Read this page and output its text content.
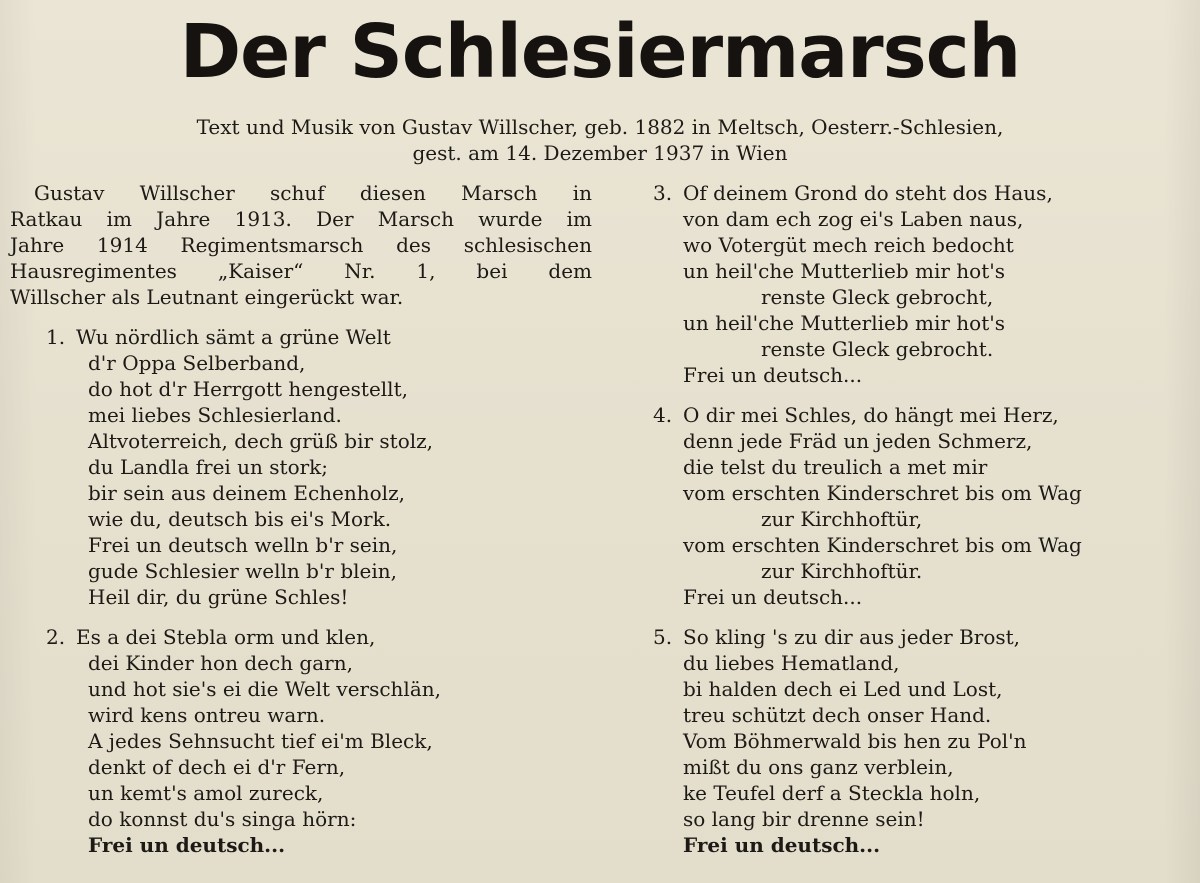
Der Schlesiermarsch
Text und Musik von Gustav Willscher, geb. 1882 in Meltsch, Oesterr.-Schlesien,
gest. am 14. Dezember 1937 in Wien
Gustav Willscher schuf diesen Marsch in
Ratkau im Jahre 1913. Der Marsch wurde im
Jahre 1914 Regimentsmarsch des schlesischen
Hausregimentes „Kaiser“ Nr. 1, bei dem
Willscher als Leutnant eingerückt war.
1. Wu nördlich sämt a grüne Welt
d'r Oppa Selberband,
do hot d'r Herrgott hengestellt,
mei liebes Schlesierland.
Altvoterreich, dech grüß bir stolz,
du Landla frei un stork;
bir sein aus deinem Echenholz,
wie du, deutsch bis ei's Mork.
Frei un deutsch welln b'r sein,
gude Schlesier welln b'r blein,
Heil dir, du grüne Schles!
2. Es a dei Stebla orm und klen,
dei Kinder hon dech garn,
und hot sie's ei die Welt verschlän,
wird kens ontreu warn.
A jedes Sehnsucht tief ei'm Bleck,
denkt of dech ei d'r Fern,
un kemt's amol zureck,
do konnst du's singa hörn:
Frei un deutsch...
3. Of deinem Grond do steht dos Haus,
von dam ech zog ei's Laben naus,
wo Votergüt mech reich bedocht
un heil'che Mutterlieb mir hot's
renste Gleck gebrocht,
un heil'che Mutterlieb mir hot's
renste Gleck gebrocht.
Frei un deutsch...
4. O dir mei Schles, do hängt mei Herz,
denn jede Fräd un jeden Schmerz,
die telst du treulich a met mir
vom erschten Kinderschret bis om Wag
zur Kirchhoftür,
vom erschten Kinderschret bis om Wag
zur Kirchhoftür.
Frei un deutsch...
5. So kling 's zu dir aus jeder Brost,
du liebes Hematland,
bi halden dech ei Led und Lost,
treu schützt dech onser Hand.
Vom Böhmerwald bis hen zu Pol'n
mißt du ons ganz verblein,
ke Teufel derf a Steckla holn,
so lang bir drenne sein!
Frei un deutsch...
